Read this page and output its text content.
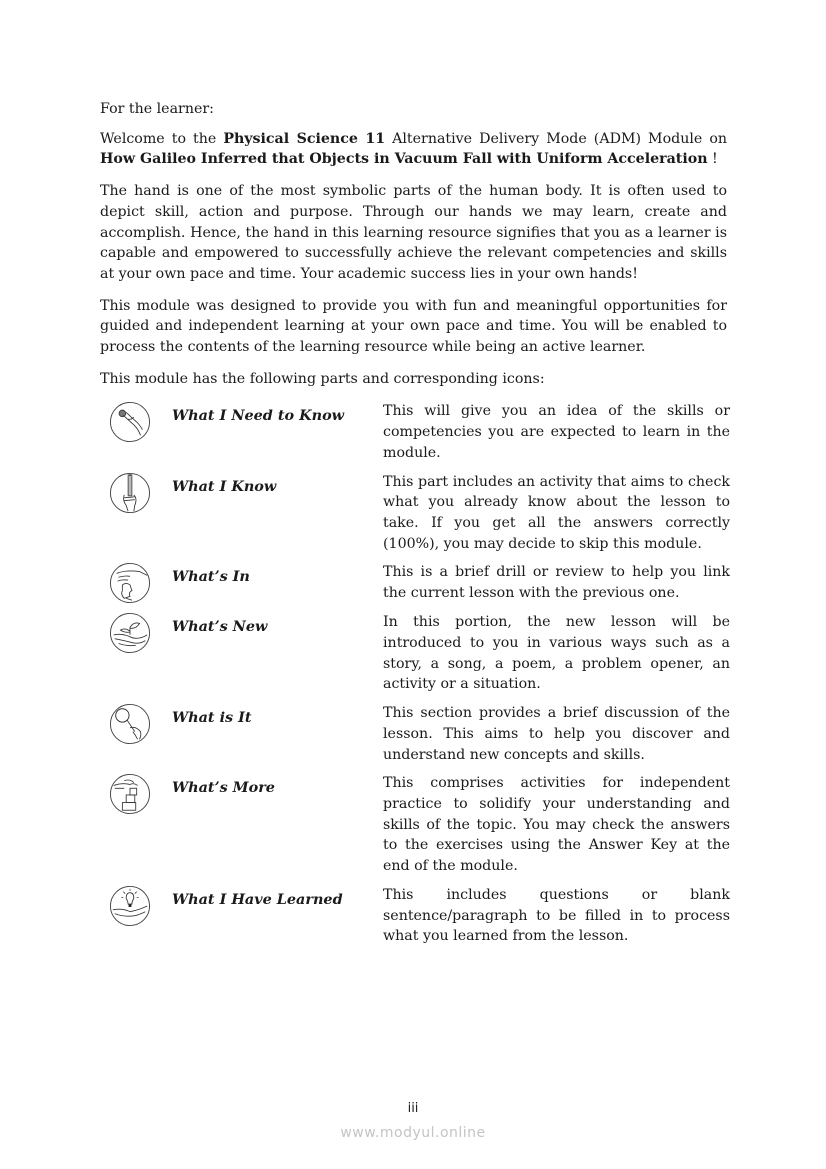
For the learner:

Welcome to the Physical Science 11 Alternative Delivery Mode (ADM) Module on How Galileo Inferred that Objects in Vacuum Fall with Uniform Acceleration !

The hand is one of the most symbolic parts of the human body. It is often used to depict skill, action and purpose. Through our hands we may learn, create and accomplish. Hence, the hand in this learning resource signifies that you as a learner is capable and empowered to successfully achieve the relevant competencies and skills at your own pace and time. Your academic success lies in your own hands!

This module was designed to provide you with fun and meaningful opportunities for guided and independent learning at your own pace and time. You will be enabled to process the contents of the learning resource while being an active learner.

This module has the following parts and corresponding icons:

What I Need to Know	This will give you an idea of the skills or competencies you are expected to learn in the module.

What I Know	This part includes an activity that aims to check what you already know about the lesson to take. If you get all the answers correctly (100%), you may decide to skip this module.

What’s In	This is a brief drill or review to help you link the current lesson with the previous one.

What’s New	In this portion, the new lesson will be introduced to you in various ways such as a story, a song, a poem, a problem opener, an activity or a situation.

What is It	This section provides a brief discussion of the lesson. This aims to help you discover and understand new concepts and skills.

What’s More	This comprises activities for independent practice to solidify your understanding and skills of the topic. You may check the answers to the exercises using the Answer Key at the end of the module.

What I Have Learned	This includes questions or blank sentence/paragraph to be filled in to process what you learned from the lesson.
iii
www.modyul.online
